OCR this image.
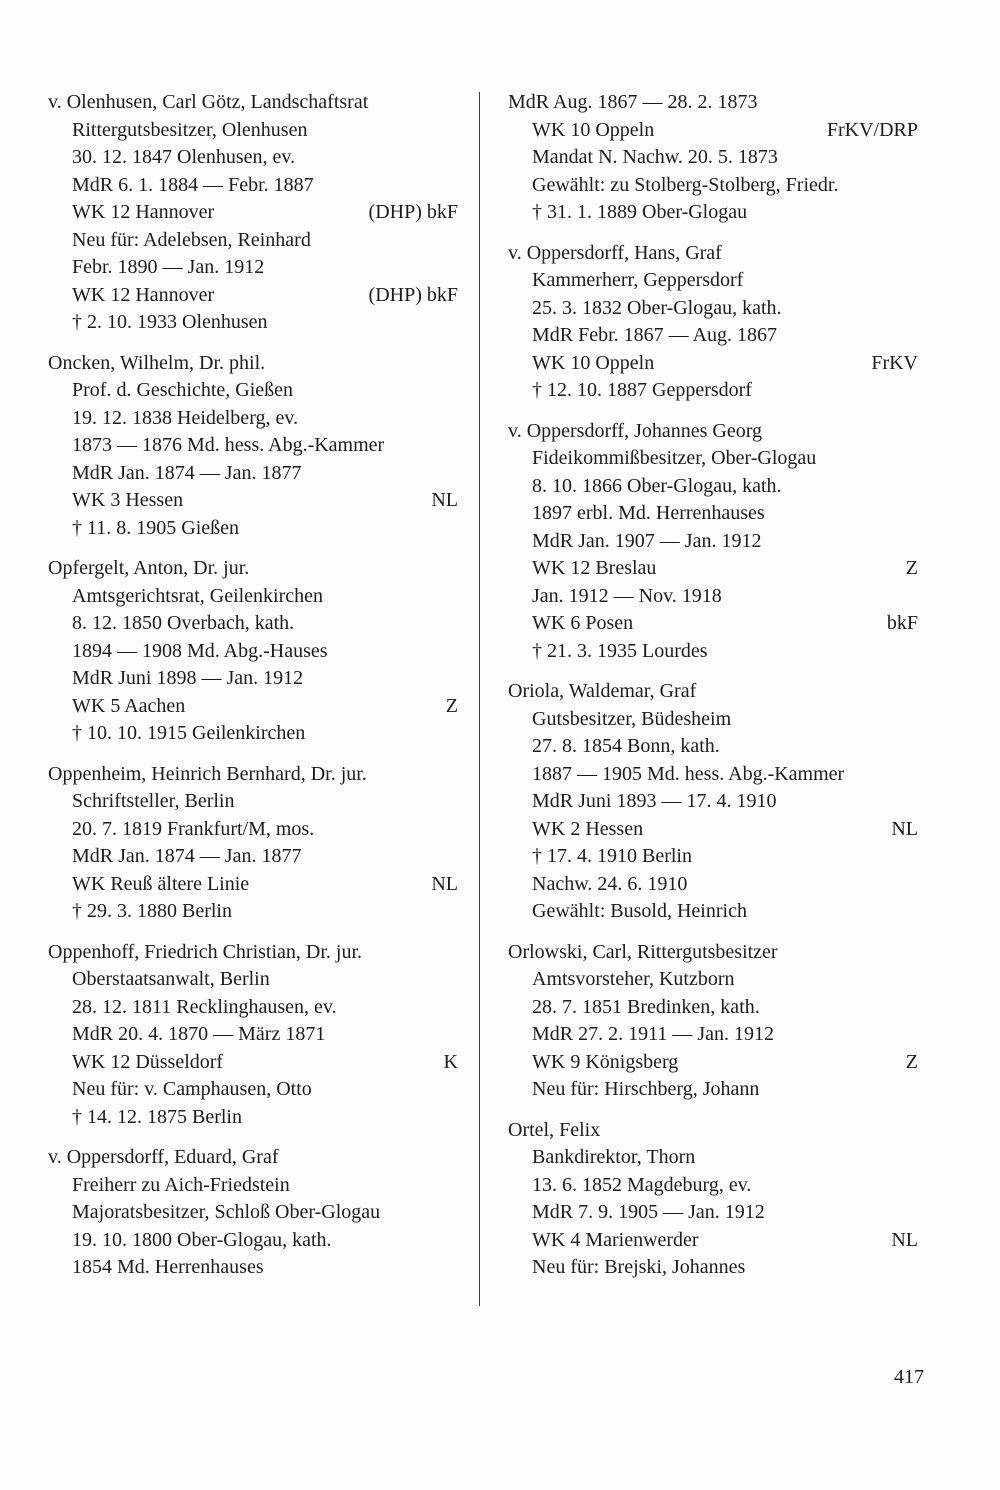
v. Olenhusen, Carl Götz, Landschaftsrat
Rittergutsbesitzer, Olenhusen
30. 12. 1847 Olenhusen, ev.
MdR 6. 1. 1884 — Febr. 1887
WK 12 Hannover	(DHP) bkF
Neu für: Adelebsen, Reinhard
Febr. 1890 — Jan. 1912
WK 12 Hannover	(DHP) bkF
† 2. 10. 1933 Olenhusen
Oncken, Wilhelm, Dr. phil.
Prof. d. Geschichte, Gießen
19. 12. 1838 Heidelberg, ev.
1873 — 1876 Md. hess. Abg.-Kammer
MdR Jan. 1874 — Jan. 1877
WK 3 Hessen	NL
† 11. 8. 1905 Gießen
Opfergelt, Anton, Dr. jur.
Amtsgerichtsrat, Geilenkirchen
8. 12. 1850 Overbach, kath.
1894 — 1908 Md. Abg.-Hauses
MdR Juni 1898 — Jan. 1912
WK 5 Aachen	Z
† 10. 10. 1915 Geilenkirchen
Oppenheim, Heinrich Bernhard, Dr. jur.
Schriftsteller, Berlin
20. 7. 1819 Frankfurt/M, mos.
MdR Jan. 1874 — Jan. 1877
WK Reuß ältere Linie	NL
† 29. 3. 1880 Berlin
Oppenhoff, Friedrich Christian, Dr. jur.
Oberstaatsanwalt, Berlin
28. 12. 1811 Recklinghausen, ev.
MdR 20. 4. 1870 — März 1871
WK 12 Düsseldorf	K
Neu für: v. Camphausen, Otto
† 14. 12. 1875 Berlin
v. Oppersdorff, Eduard, Graf
Freiherr zu Aich-Friedstein
Majoratsbesitzer, Schloß Ober-Glogau
19. 10. 1800 Ober-Glogau, kath.
1854 Md. Herrenhauses
MdR Aug. 1867 — 28. 2. 1873
WK 10 Oppeln	FrKV/DRP
Mandat N. Nachw. 20. 5. 1873
Gewählt: zu Stolberg-Stolberg, Friedr.
† 31. 1. 1889 Ober-Glogau
v. Oppersdorff, Hans, Graf
Kammerherr, Geppersdorf
25. 3. 1832 Ober-Glogau, kath.
MdR Febr. 1867 — Aug. 1867
WK 10 Oppeln	FrKV
† 12. 10. 1887 Geppersdorf
v. Oppersdorff, Johannes Georg
Fideikommißbesitzer, Ober-Glogau
8. 10. 1866 Ober-Glogau, kath.
1897 erbl. Md. Herrenhauses
MdR Jan. 1907 — Jan. 1912
WK 12 Breslau	Z
Jan. 1912 — Nov. 1918
WK 6 Posen	bkF
† 21. 3. 1935 Lourdes
Oriola, Waldemar, Graf
Gutsbesitzer, Büdesheim
27. 8. 1854 Bonn, kath.
1887 — 1905 Md. hess. Abg.-Kammer
MdR Juni 1893 — 17. 4. 1910
WK 2 Hessen	NL
† 17. 4. 1910 Berlin
Nachw. 24. 6. 1910
Gewählt: Busold, Heinrich
Orlowski, Carl, Rittergutsbesitzer
Amtsvorsteher, Kutzborn
28. 7. 1851 Bredinken, kath.
MdR 27. 2. 1911 — Jan. 1912
WK 9 Königsberg	Z
Neu für: Hirschberg, Johann
Ortel, Felix
Bankdirektor, Thorn
13. 6. 1852 Magdeburg, ev.
MdR 7. 9. 1905 — Jan. 1912
WK 4 Marienwerder	NL
Neu für: Brejski, Johannes
417
